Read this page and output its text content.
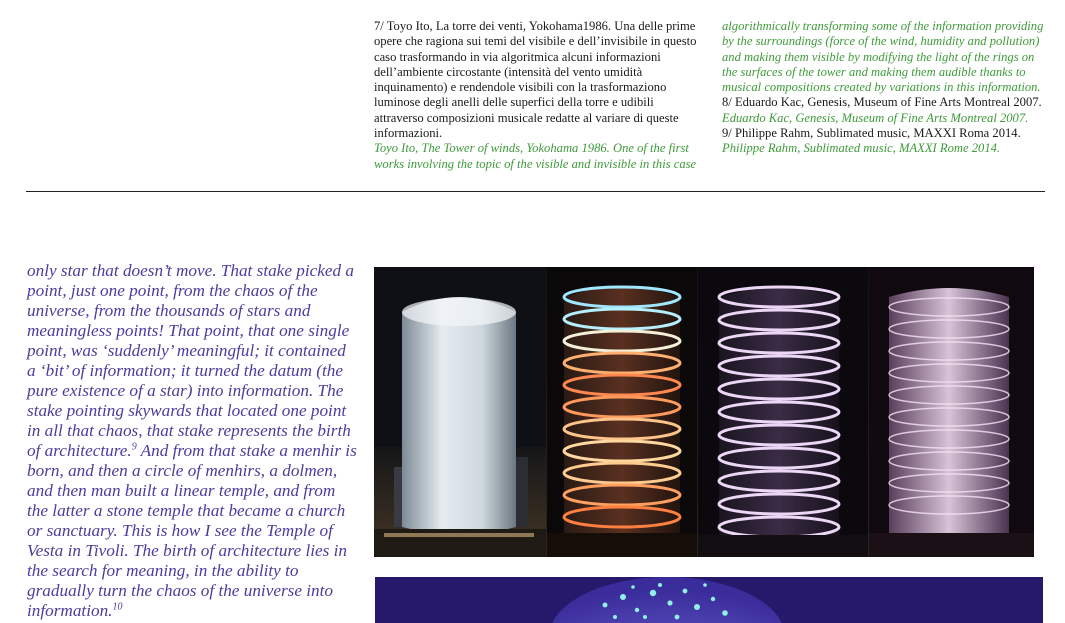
7/ Toyo Ito, La torre dei venti, Yokohama1986. Una delle prime opere che ragiona sui temi del visibile e dell’invisibile in questo caso trasformando in via algoritmica alcuni informazioni dell’ambiente circostante (intensità del vento umidità inquinamento) e rendendole visibili con la trasformaziono luminose degli anelli delle superfici della torre e udibili attraverso composizioni musicale redatte al variare di queste informazioni.

Toyo Ito, The Tower of winds, Yokohama 1986. One of the first works involving the topic of the visible and invisible in this case

algorithmically transforming some of the information providing by the surroundings (force of the wind, humidity and pollution) and making them visible by modifying the light of the rings on the surfaces of the tower and making them audible thanks to musical compositions created by variations in this information.

8/ Eduardo Kac, Genesis, Museum of Fine Arts Montreal 2007.

Eduardo Kac, Genesis, Museum of Fine Arts Montreal 2007.

9/ Philippe Rahm, Sublimated music, MAXXI Roma 2014.

Philippe Rahm, Sublimated music, MAXXI Rome 2014.

only star that doesn’t move. That stake picked a point, just one point, from the chaos of the universe, from the thousands of stars and meaningless points! That point, that one single point, was ‘suddenly’ meaningful; it contained a ‘bit’ of information; it turned the datum (the pure existence of a star) into information. The stake pointing skywards that located one point in all that chaos, that stake represents the birth of architecture.$^9$ And from that stake a menhir is born, and then a circle of menhirs, a dolmen, and then man built a linear temple, and from the latter a stone temple that became a church or sanctuary. This is how I see the Temple of Vesta in Tivoli. The birth of architecture lies in the search for meaning, in the ability to gradually turn the chaos of the universe into information.$^{10}$
